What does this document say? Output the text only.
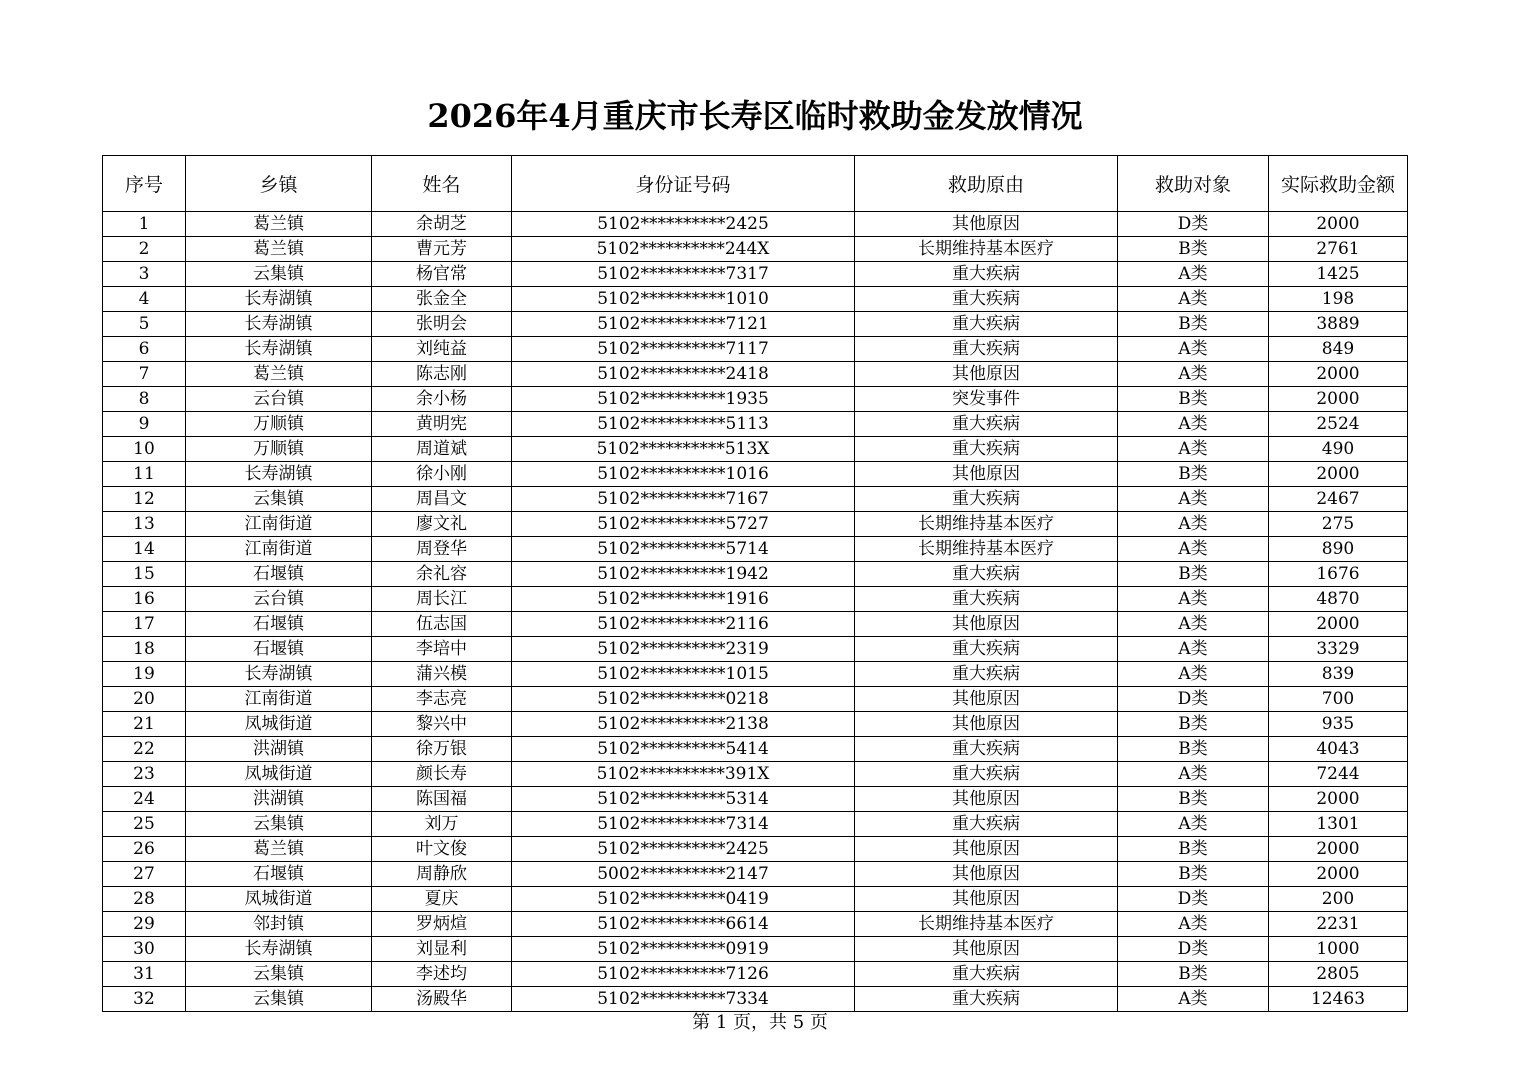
2026年4月重庆市长寿区临时救助金发放情况
序号	乡镇	姓名	身份证号码	救助原由	救助对象	实际救助金额
1	葛兰镇	余胡芝	5102**********2425	其他原因	D类	2000
2	葛兰镇	曹元芳	5102**********244X	长期维持基本医疗	B类	2761
3	云集镇	杨官常	5102**********7317	重大疾病	A类	1425
4	长寿湖镇	张金全	5102**********1010	重大疾病	A类	198
5	长寿湖镇	张明会	5102**********7121	重大疾病	B类	3889
6	长寿湖镇	刘纯益	5102**********7117	重大疾病	A类	849
7	葛兰镇	陈志刚	5102**********2418	其他原因	A类	2000
8	云台镇	余小杨	5102**********1935	突发事件	B类	2000
9	万顺镇	黄明宪	5102**********5113	重大疾病	A类	2524
10	万顺镇	周道斌	5102**********513X	重大疾病	A类	490
11	长寿湖镇	徐小刚	5102**********1016	其他原因	B类	2000
12	云集镇	周昌文	5102**********7167	重大疾病	A类	2467
13	江南街道	廖文礼	5102**********5727	长期维持基本医疗	A类	275
14	江南街道	周登华	5102**********5714	长期维持基本医疗	A类	890
15	石堰镇	余礼容	5102**********1942	重大疾病	B类	1676
16	云台镇	周长江	5102**********1916	重大疾病	A类	4870
17	石堰镇	伍志国	5102**********2116	其他原因	A类	2000
18	石堰镇	李培中	5102**********2319	重大疾病	A类	3329
19	长寿湖镇	蒲兴模	5102**********1015	重大疾病	A类	839
20	江南街道	李志亮	5102**********0218	其他原因	D类	700
21	凤城街道	黎兴中	5102**********2138	其他原因	B类	935
22	洪湖镇	徐万银	5102**********5414	重大疾病	B类	4043
23	凤城街道	颜长寿	5102**********391X	重大疾病	A类	7244
24	洪湖镇	陈国福	5102**********5314	其他原因	B类	2000
25	云集镇	刘万	5102**********7314	重大疾病	A类	1301
26	葛兰镇	叶文俊	5102**********2425	其他原因	B类	2000
27	石堰镇	周静欣	5002**********2147	其他原因	B类	2000
28	凤城街道	夏庆	5102**********0419	其他原因	D类	200
29	邻封镇	罗炳煊	5102**********6614	长期维持基本医疗	A类	2231
30	长寿湖镇	刘显利	5102**********0919	其他原因	D类	1000
31	云集镇	李述均	5102**********7126	重大疾病	B类	2805
32	云集镇	汤殿华	5102**********7334	重大疾病	A类	12463
第 1 页，共 5 页
